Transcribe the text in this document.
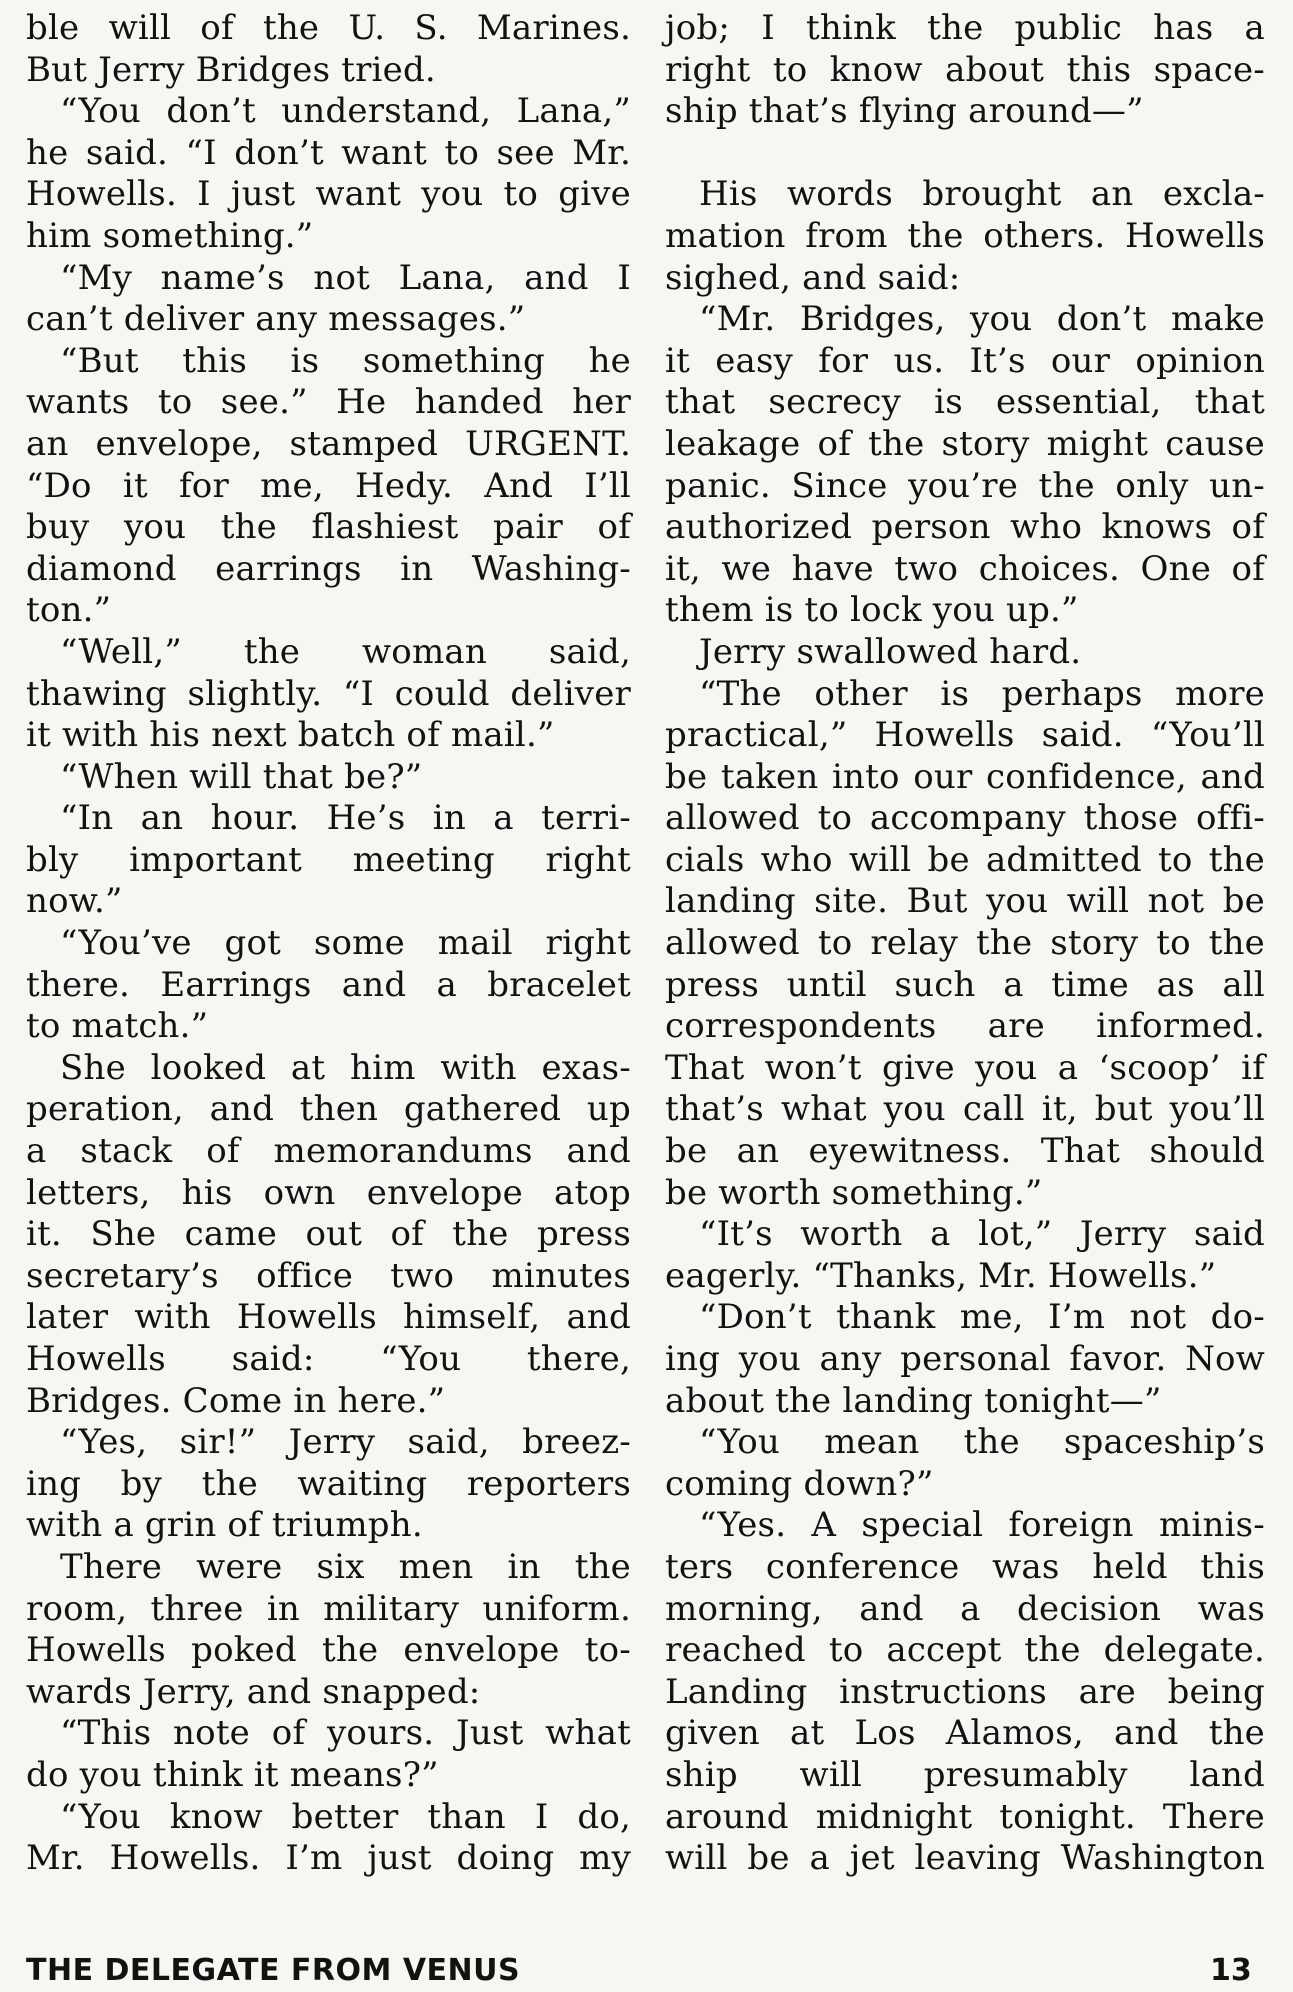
ble will of the U. S. Marines.
But Jerry Bridges tried.
“You don’t understand, Lana,”
he said. “I don’t want to see Mr.
Howells. I just want you to give
him something.”
“My name’s not Lana, and I
can’t deliver any messages.”
“But this is something he
wants to see.” He handed her
an envelope, stamped URGENT.
“Do it for me, Hedy. And I’ll
buy you the flashiest pair of
diamond earrings in Washing-
ton.”
“Well,” the woman said,
thawing slightly. “I could deliver
it with his next batch of mail.”
“When will that be?”
“In an hour. He’s in a terri-
bly important meeting right
now.”
“You’ve got some mail right
there. Earrings and a bracelet
to match.”
She looked at him with exas-
peration, and then gathered up
a stack of memorandums and
letters, his own envelope atop
it. She came out of the press
secretary’s office two minutes
later with Howells himself, and
Howells said: “You there,
Bridges. Come in here.”
“Yes, sir!” Jerry said, breez-
ing by the waiting reporters
with a grin of triumph.
There were six men in the
room, three in military uniform.
Howells poked the envelope to-
wards Jerry, and snapped:
“This note of yours. Just what
do you think it means?”
“You know better than I do,
Mr. Howells. I’m just doing my
job; I think the public has a
right to know about this space-
ship that’s flying around—”
His words brought an excla-
mation from the others. Howells
sighed, and said:
“Mr. Bridges, you don’t make
it easy for us. It’s our opinion
that secrecy is essential, that
leakage of the story might cause
panic. Since you’re the only un-
authorized person who knows of
it, we have two choices. One of
them is to lock you up.”
Jerry swallowed hard.
“The other is perhaps more
practical,” Howells said. “You’ll
be taken into our confidence, and
allowed to accompany those offi-
cials who will be admitted to the
landing site. But you will not be
allowed to relay the story to the
press until such a time as all
correspondents are informed.
That won’t give you a ‘scoop’ if
that’s what you call it, but you’ll
be an eyewitness. That should
be worth something.”
“It’s worth a lot,” Jerry said
eagerly. “Thanks, Mr. Howells.”
“Don’t thank me, I’m not do-
ing you any personal favor. Now
about the landing tonight—”
“You mean the spaceship’s
coming down?”
“Yes. A special foreign minis-
ters conference was held this
morning, and a decision was
reached to accept the delegate.
Landing instructions are being
given at Los Alamos, and the
ship will presumably land
around midnight tonight. There
will be a jet leaving Washington
THE DELEGATE FROM VENUS	13
